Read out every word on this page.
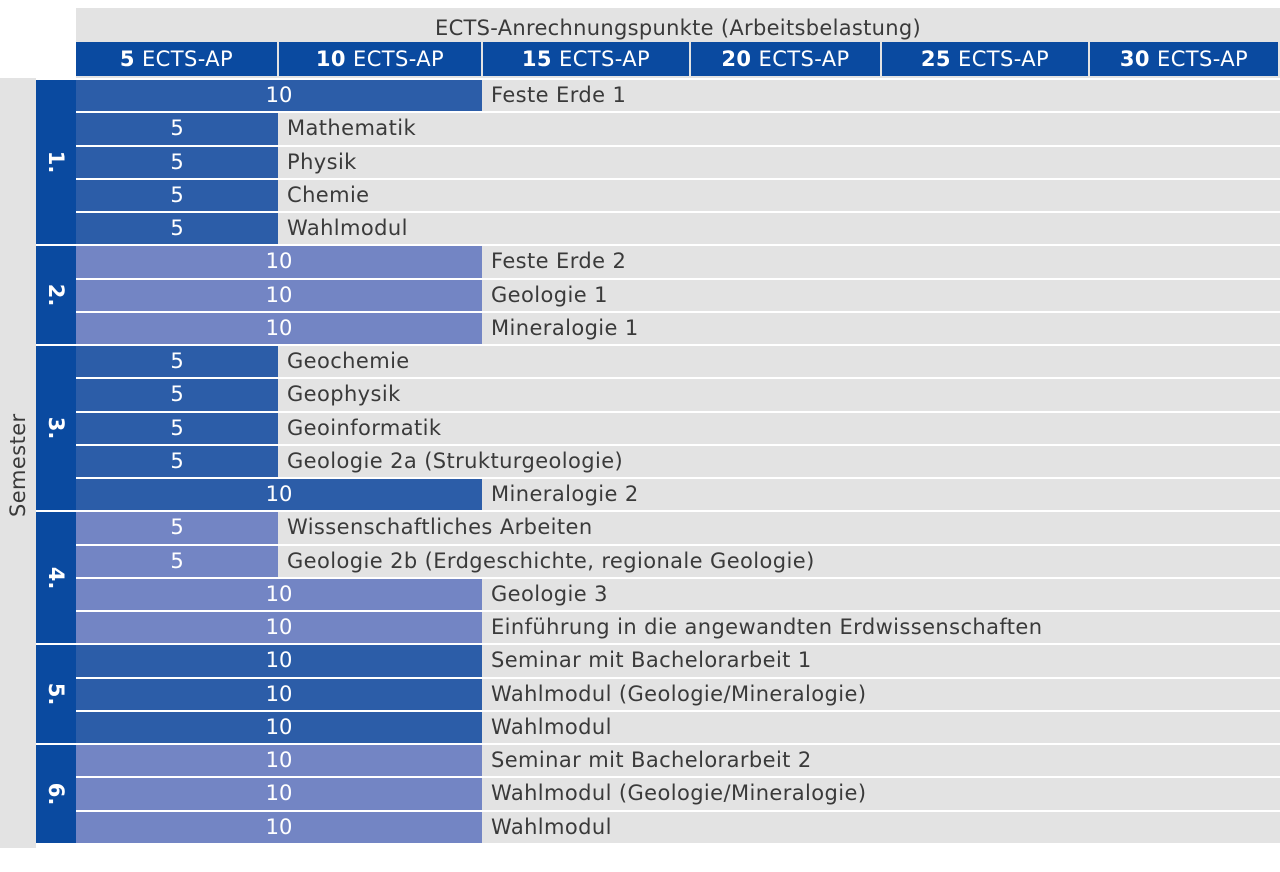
ECTS-Anrechnungspunkte (Arbeitsbelastung)
Semester
5 ECTS-AP	10 ECTS-AP	15 ECTS-AP	20 ECTS-AP	25 ECTS-AP	30 ECTS-AP
10	Feste Erde 1
5	Mathematik
5	Physik
5	Chemie
5	Wahlmodul
1.
10	Feste Erde 2
10	Geologie 1
10	Mineralogie 1
2.
5	Geochemie
5	Geophysik
5	Geoinformatik
5	Geologie 2a (Strukturgeologie)
10	Mineralogie 2
3.
5	Wissenschaftliches Arbeiten
5	Geologie 2b (Erdgeschichte, regionale Geologie)
10	Geologie 3
10	Einführung in die angewandten Erdwissenschaften
4.
10	Seminar mit Bachelorarbeit 1
10	Wahlmodul (Geologie/Mineralogie)
10	Wahlmodul
5.
10	Seminar mit Bachelorarbeit 2
10	Wahlmodul (Geologie/Mineralogie)
10	Wahlmodul
6.
